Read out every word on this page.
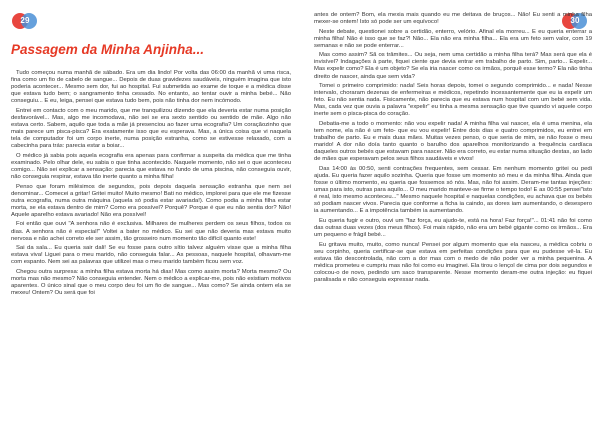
29
Passagem da Minha Anjinha...

Tudo começou numa manhã de sábado. Era um dia lindo! Por volta das 06:00 da manhã vi uma risca, fina como um fio de cabelo de sangue... Depois de duas gravidezes saudáveis, ninguém imagina que isto poderia acontecer... Mesmo sem dor, fui ao hospital. Fui submetida ao exame de toque e a médica disse que estava tudo bem; o sangramento tinha cessado. No entanto, ao tentar ouvir a minha bebé... Não conseguiu... E eu, leiga, pensei que estava tudo bem, pois não tinha dor nem incómodo.

Entrei em contacto com o meu marido, que me tranquilizou dizendo que ela deveria estar numa posição desfavorável... Mas, algo me incomodava, não sei se era sexto sentido ou sentido de mãe. Algo não estava certo. Sabem, aquilo que toda a mãe já presenciou ao fazer uma ecografia? Um coraçãozinho que mais parece um pisca-pisca? Era exatamente isso que eu esperava. Mas, a única coisa que vi naquela tela de computador foi um corpo inerte, numa posição estranha, como se estivesse relaxado, com a cabecinha para trás: parecia estar a boiar...

O médico já sabia pois aquela ecografia era apenas para confirmar a suspeita da médica que me tinha examinado. Pelo olhar dele, eu sabia o que tinha acontecido. Naquele momento, não sei o que aconteceu comigo... Não sei explicar a sensação: parecia que estava no fundo de uma piscina, não conseguia ouvir, não conseguia respirar, estava tão inerte quanto a minha filha!

Penso que foram milésimos de segundos, pois depois daquela sensação estranha que nem sei denominar... Comecei a gritar! Gritei muito! Muito mesmo! Bati no médico, implorei para que ele me fizesse outra ecografia, numa outra máquina (aquela só podia estar avariada!). Como podia a minha filha estar morta, se ela estava dentro de mim? Como era possível? Porquê? Porque é que eu não sentia dor? Não! Aquele aparelho estava avariado! Não era possível!

Foi então que ouvi "A senhora não é exclusiva. Milhares de mulheres perdem os seus filhos, todos os dias. A senhora não é especial!" Voltei a bater no médico. Eu sei que não deveria mas estava muito nervosa e não achei correto ele ser assim, tão grosseiro num momento tão difícil quanto este!

Sai da sala... Eu queria sair dali! Se eu fosse para outro sítio talvez alguém visse que a minha filha estava viva! Liguei para o meu marido, não conseguia falar... As pessoas, naquele hospital, olhavam-me com espanto. Nem sei as palavras que utilizei mas o meu marido também ficou sem voz.

Chegou outra surpresa: a minha filha estava morta há dias! Mas como assim morta? Morta mesmo? Ou morta mas não mesmo? Não conseguia entender. Nem o médico a explicar-me, pois não existiam motivos aparentes. O único sinal que o meu corpo deu foi um fio de sangue... Mas como? Se ainda ontem ela se mexeu! Ontem? Ou será que foi

30

antes de ontem? Bom, ela mexia mais quando eu me deitava de bruços... Não! Eu senti a minha filha mexer-se ontem! Isto só pode ser um equívoco!

Neste debate, questionei sobre a certidão, enterro, velório. Afinal ela morreu... E eu queria enterrar a minha filha! Não é isso que se faz?! Não... Ela não era minha filha... Ela era um feto sem valor, com 19 semanas e não se pode enterrar...

Mas como assim? Sã os trâmites... Ou seja, nem uma certidão a minha filha terá? Mas será que ela é invisível? Indagações à parte, fiquei ciente que devia entrar em trabalho de parto. Sim, parto... Expelir... Mas expelir como? Ela é um objeto? Se ela iria nascer como os irmãos, porquê esse termo? Ela não tinha direito de nascer, ainda que sem vida?

Tomei o primeiro comprimido: nada! Seis horas depois, tomei o segundo comprimido... e nada! Nesse intervalo, choraram dezenas de enfermeiras e médicos, repetindo incessantemente que eu ia expelir um feto. Eu não sentia nada. Fisicamente, não parecia que eu estava num hospital com um bebé sem vida. Mas, cada vez que ouvia a palavra "expelir" eu tinha a mesma sensação que tive quando vi aquele corpo inerte sem o pisca-pisca do coração.

Debatia-me a todo o momento: não vou expelir nada! A minha filha vai nascer, ela é uma menina, ela tem nome, ela não é um feto- que eu vou expelir! Entre dois dias e quatro comprimidos, eu entrei em trabalho de parto. Eu e mais duas mães. Muitas vezes penso, o que seria de mim, se não fosse o meu marido! A dor não doía tanto quanto o barulho dos aparelhos monitorizando a frequência cardíaca daqueles outros bebés que estavam para nascer. Não era correto, eu estar numa situação destas, ao lado de mães que esperavam pelos seus filhos saudáveis e vivos!

Das 14:00 às 00:50, senti contrações frequentes, sem cessar. Em nenhum momento gritei ou pedi ajuda. Eu queria fazer aquilo sozinha. Queria que fosse um momento só meu e da minha filha. Ainda que fosse o último momento, eu queria que fossemos só nós. Mas, não foi assim. Deram-me tantas injeções: umas para isto, outras para aquilo... O meu marido manteve-se firme o tempo todo! E as 00:55 pensei"isto é real, isto mesmo aconteceu..." Mesmo naquele hospital e naquelas condições, eu achava que os bebés só podiam nascer vivos. Parecia que conforme a ficha ia caindo, as dores iam aumentando, o desespero ia aumentando... E a impotência também ia aumentando.

Eu queria fugir e outro, ouvi um "faz força, eu ajudo-te, está na hora! Faz força!"... 01:41 não foi como das outras duas vezes (dos meus filhos). Foi mais rápido, não era um bebé gigante como os irmãos... Era um pequeno e frágil bebé...

Eu gritava muito, muito, como nunca! Pensei por algum momento que ela nasceu, a médica cobriu o seu corpinho, queria certificar-se que estava em perfeitas condições para que eu pudesse vê-la. Eu estava tão descontrolada, não com a dor mas com o medo de não poder ver a minha pequenina. A médica prometeu e cumpriu mas não foi como eu imaginei. Ela tirou o lençol de cima por dois segundos e colocou-o de novo, pedindo um saco transparente. Nesse momento deram-me outra injeção: eu fiquei paralisada e não conseguia expressar nada.
